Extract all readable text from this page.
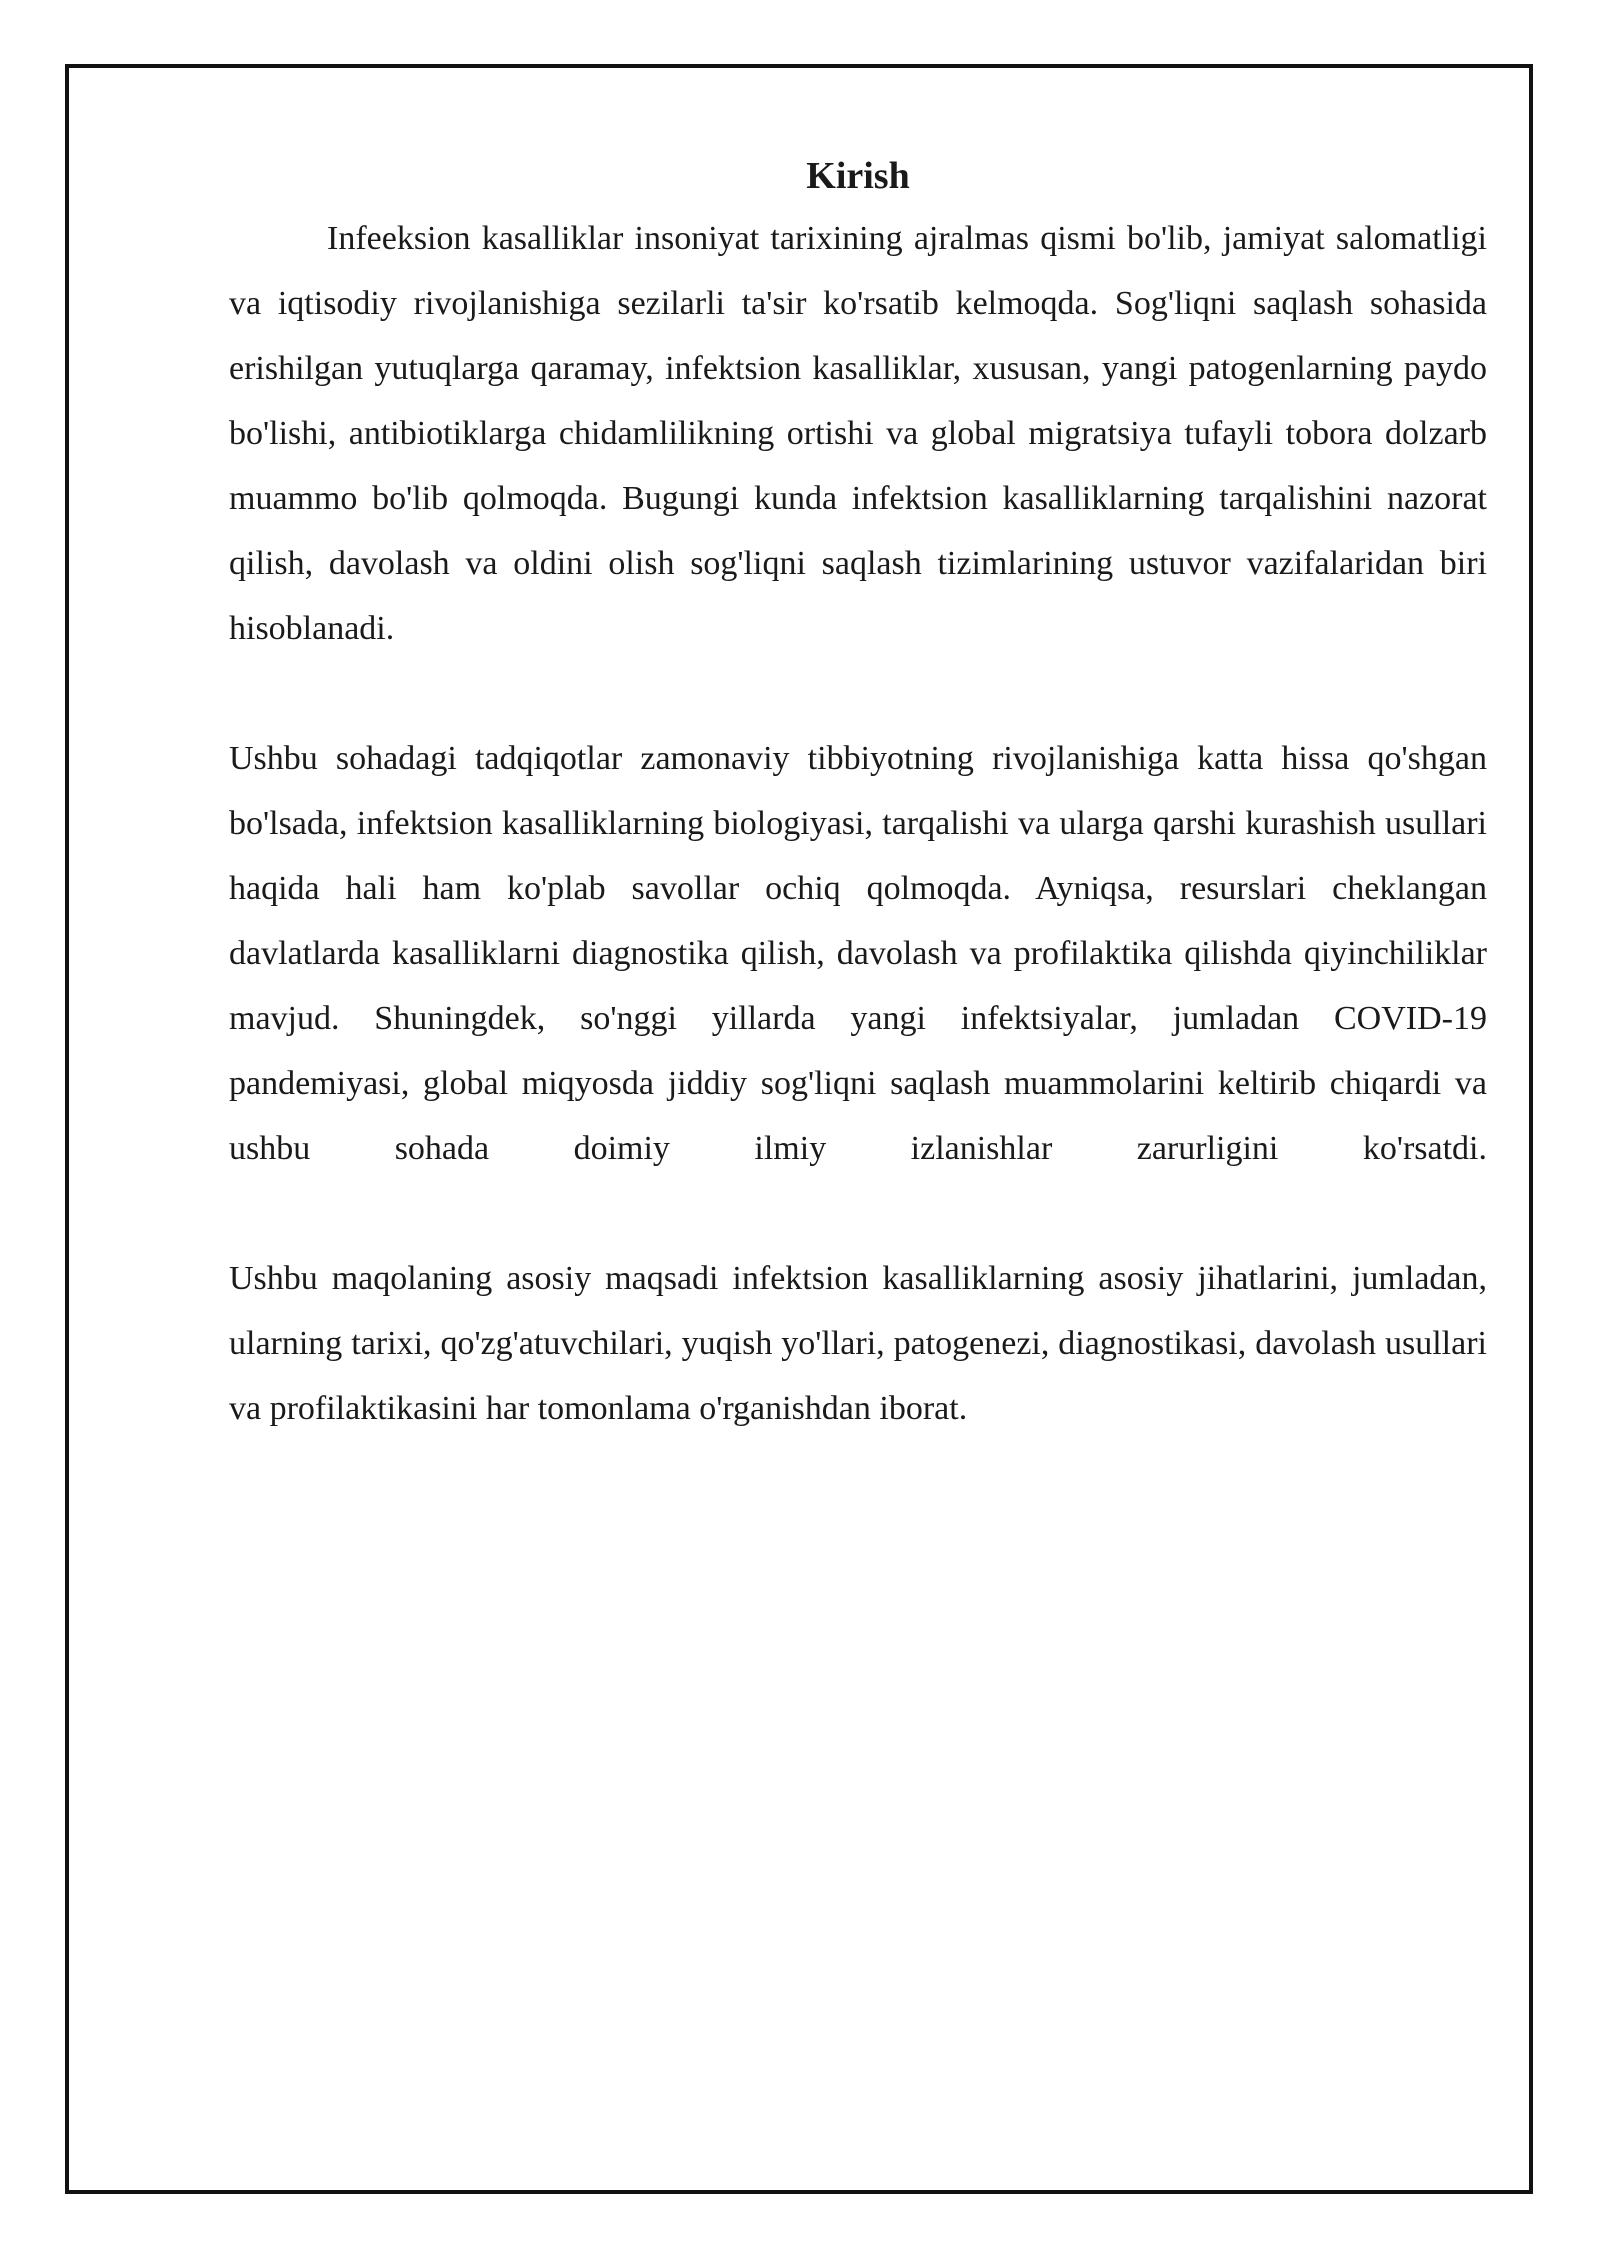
Kirish

Infeeksion kasalliklar insoniyat tarixining ajralmas qismi bo'lib, jamiyat salomatligi va iqtisodiy rivojlanishiga sezilarli ta'sir ko'rsatib kelmoqda. Sog'liqni saqlash sohasida erishilgan yutuqlarga qaramay, infektsion kasalliklar, xususan, yangi patogenlarning paydo bo'lishi, antibiotiklarga chidamlilikning ortishi va global migratsiya tufayli tobora dolzarb muammo bo'lib qolmoqda. Bugungi kunda infektsion kasalliklarning tarqalishini nazorat qilish, davolash va oldini olish sog'liqni saqlash tizimlarining ustuvor vazifalaridan biri hisoblanadi.

Ushbu sohadagi tadqiqotlar zamonaviy tibbiyotning rivojlanishiga katta hissa qo'shgan bo'lsada, infektsion kasalliklarning biologiyasi, tarqalishi va ularga qarshi kurashish usullari haqida hali ham ko'plab savollar ochiq qolmoqda. Ayniqsa, resurslari cheklangan davlatlarda kasalliklarni diagnostika qilish, davolash va profilaktika qilishda qiyinchiliklar mavjud. Shuningdek, so'nggi yillarda yangi infektsiyalar, jumladan COVID-19 pandemiyasi, global miqyosda jiddiy sog'liqni saqlash muammolarini keltirib chiqardi va ushbu sohada doimiy ilmiy izlanishlar zarurligini ko'rsatdi.

Ushbu maqolaning asosiy maqsadi infektsion kasalliklarning asosiy jihatlarini, jumladan, ularning tarixi, qo'zg'atuvchilari, yuqish yo'llari, patogenezi, diagnostikasi, davolash usullari va profilaktikasini har tomonlama o'rganishdan iborat.
